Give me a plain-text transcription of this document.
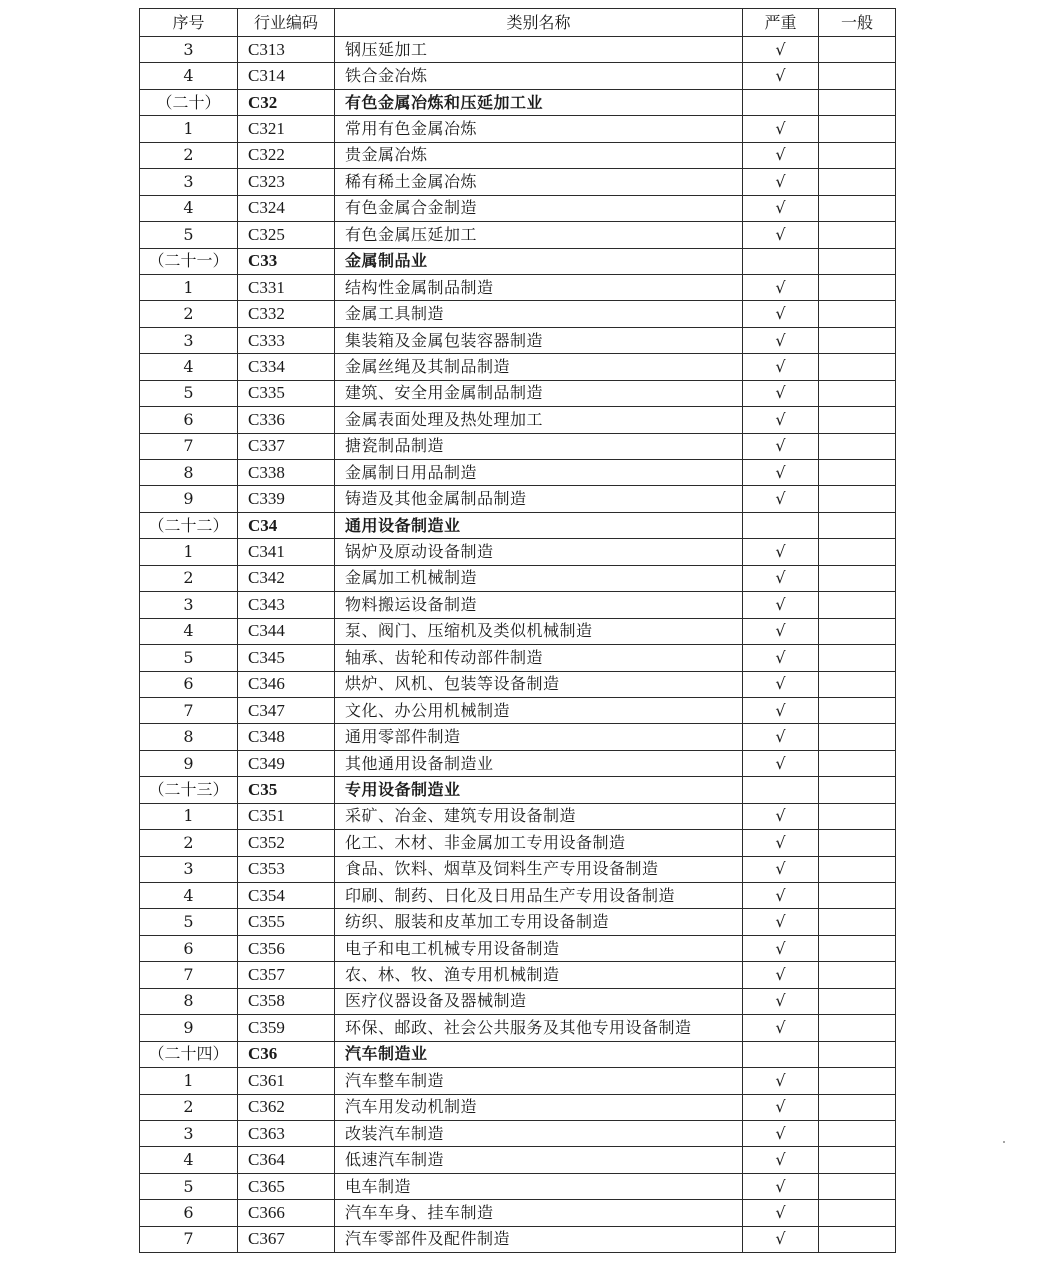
序号	行业编码	类别名称	严重	一般
3	C313	钢压延加工	√	
4	C314	铁合金冶炼	√	
（二十）	C32	有色金属冶炼和压延加工业		
1	C321	常用有色金属冶炼	√	
2	C322	贵金属冶炼	√	
3	C323	稀有稀土金属冶炼	√	
4	C324	有色金属合金制造	√	
5	C325	有色金属压延加工	√	
（二十一）	C33	金属制品业		
1	C331	结构性金属制品制造	√	
2	C332	金属工具制造	√	
3	C333	集装箱及金属包装容器制造	√	
4	C334	金属丝绳及其制品制造	√	
5	C335	建筑、安全用金属制品制造	√	
6	C336	金属表面处理及热处理加工	√	
7	C337	搪瓷制品制造	√	
8	C338	金属制日用品制造	√	
9	C339	铸造及其他金属制品制造	√	
（二十二）	C34	通用设备制造业		
1	C341	锅炉及原动设备制造	√	
2	C342	金属加工机械制造	√	
3	C343	物料搬运设备制造	√	
4	C344	泵、阀门、压缩机及类似机械制造	√	
5	C345	轴承、齿轮和传动部件制造	√	
6	C346	烘炉、风机、包装等设备制造	√	
7	C347	文化、办公用机械制造	√	
8	C348	通用零部件制造	√	
9	C349	其他通用设备制造业	√	
（二十三）	C35	专用设备制造业		
1	C351	采矿、冶金、建筑专用设备制造	√	
2	C352	化工、木材、非金属加工专用设备制造	√	
3	C353	食品、饮料、烟草及饲料生产专用设备制造	√	
4	C354	印刷、制药、日化及日用品生产专用设备制造	√	
5	C355	纺织、服装和皮革加工专用设备制造	√	
6	C356	电子和电工机械专用设备制造	√	
7	C357	农、林、牧、渔专用机械制造	√	
8	C358	医疗仪器设备及器械制造	√	
9	C359	环保、邮政、社会公共服务及其他专用设备制造	√	
（二十四）	C36	汽车制造业		
1	C361	汽车整车制造	√	
2	C362	汽车用发动机制造	√	
3	C363	改装汽车制造	√	
4	C364	低速汽车制造	√	
5	C365	电车制造	√	
6	C366	汽车车身、挂车制造	√	
7	C367	汽车零部件及配件制造	√	
